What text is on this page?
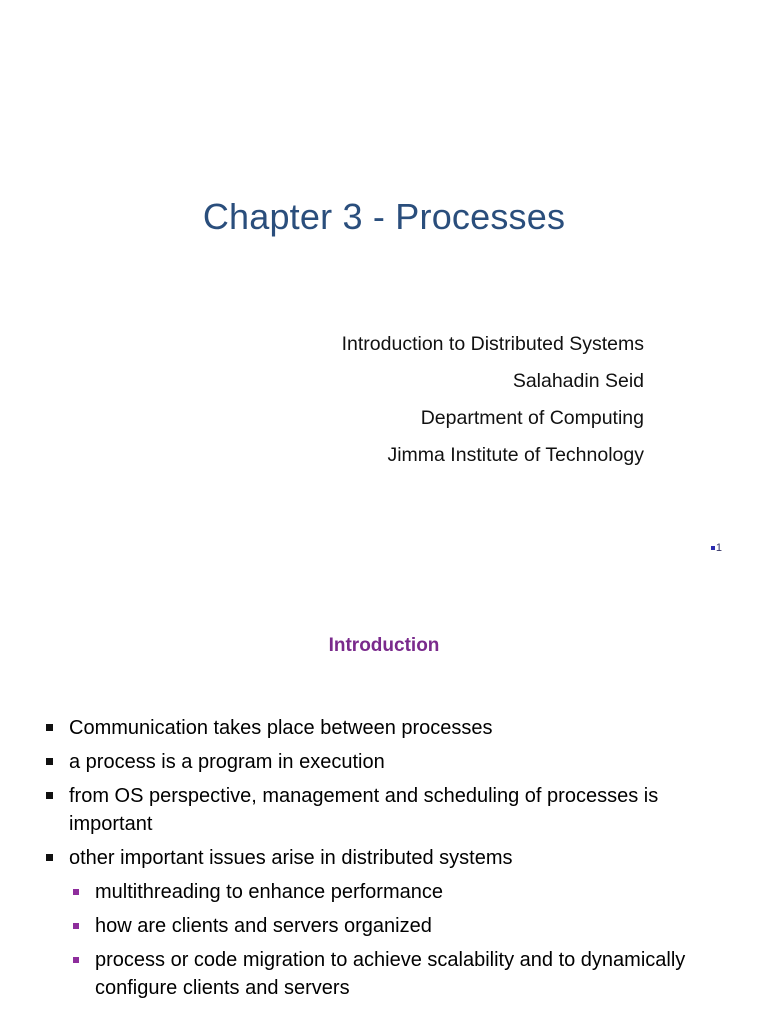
Chapter 3 - Processes
Introduction to Distributed Systems
Salahadin Seid
Department of Computing
Jimma Institute of Technology
1
Introduction
Communication takes place between processes
a process is a program in execution
from OS perspective, management and scheduling of processes is important
other important issues arise in distributed systems
multithreading to enhance performance
how are clients and servers organized
process or code migration to achieve scalability and to dynamically configure clients and servers
